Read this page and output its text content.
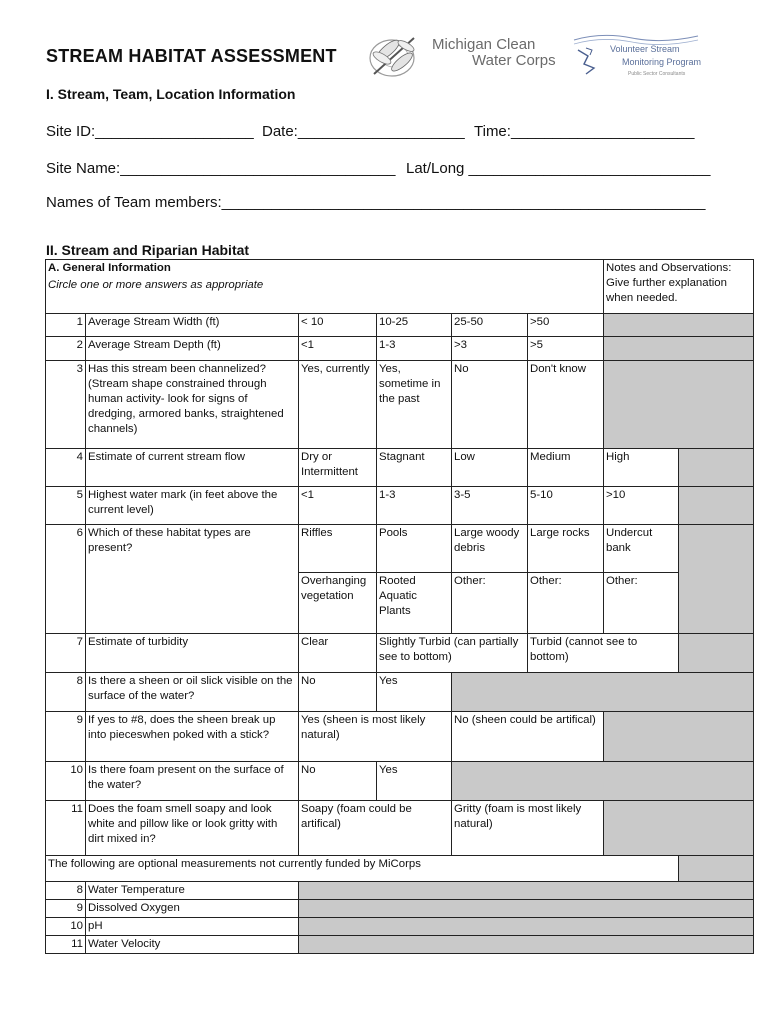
STREAM HABITAT ASSESSMENT
Michigan Clean
Water Corps
Volunteer Stream
Monitoring Program
Public Sector Consultants
I. Stream, Team, Location Information
Site ID:___________________ Date:____________________ Time:______________________
Site Name:_________________________________ Lat/Long _____________________________
Names of Team members:__________________________________________________________
II. Stream and Riparian Habitat
A. General Information						Notes and Observations: Give further explanation when needed.	
Circle one or more answers as appropriate							
1	Average Stream Width (ft)	< 10	10-25	25-50	>50		
2	Average Stream Depth (ft)	<1	1-3	>3	>5		
3	Has this stream been channelized? (Stream shape constrained through human activity- look for signs of dredging, armored banks, straightened channels)	Yes, currently	Yes, sometime in the past	No	Don't know		
4	Estimate of current stream flow	Dry or Intermittent	Stagnant	Low	Medium	High	
5	Highest water mark (in feet above the current level)	<1	1-3	3-5	5-10	>10	
6	Which of these habitat types are present?	Riffles	Pools	Large woody debris	Large rocks	Undercut bank	
		Overhanging vegetation	Rooted Aquatic Plants	Other:	Other:	Other:	
7	Estimate of turbidity	Clear	Slightly Turbid (can partially see to bottom)		Turbid (cannot see to bottom)		
8	Is there a sheen or oil slick visible on the surface of the water?	No	Yes				
9	If yes to #8, does the sheen break up into pieceswhen poked with a stick?	Yes (sheen is most likely natural)		No (sheen could be artifical)			
10	Is there foam present on the surface of the water?	No	Yes				
11	Does the foam smell soapy and look white and pillow like or look gritty with dirt mixed in?	Soapy (foam could be artifical)		Gritty (foam is most likely natural)			
The following are optional measurements not currently funded by MiCorps							
8	Water Temperature						
9	Dissolved Oxygen						
10	pH						
11	Water Velocity						
